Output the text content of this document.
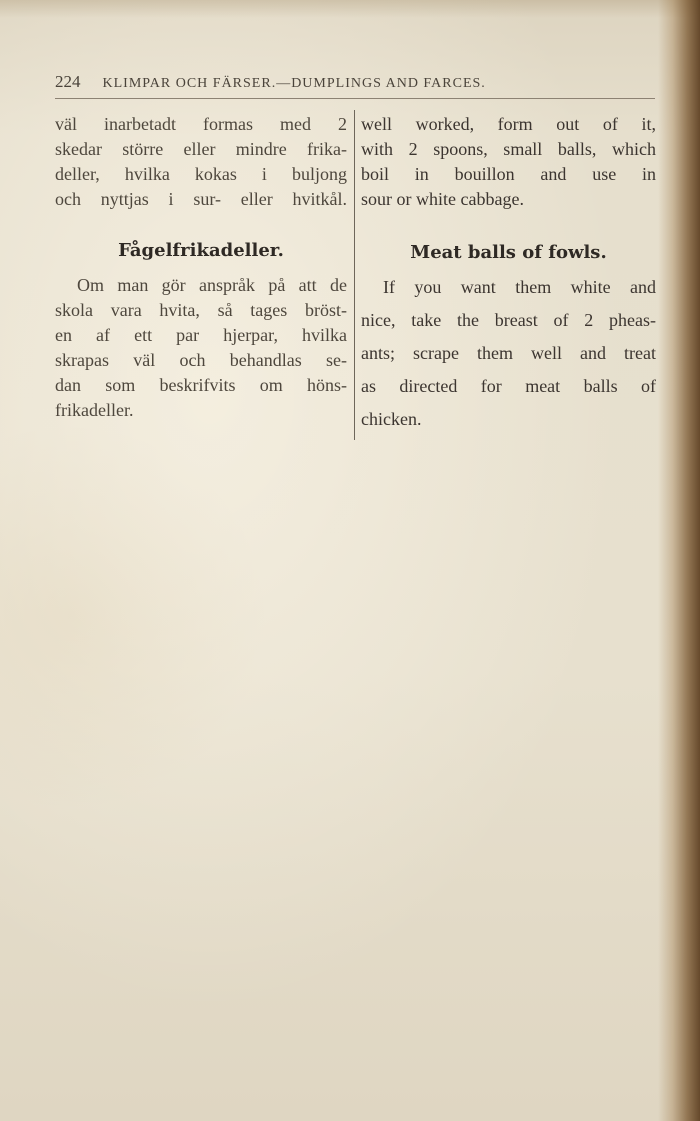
224 KLIMPAR OCH FÄRSER.—DUMPLINGS AND FARCES.
väl inarbetadt formas med 2
skedar större eller mindre frika-
deller, hvilka kokas i buljong
och nyttjas i sur- eller hvitkål.
Fågelfrikadeller.
Om man gör anspråk på att de
skola vara hvita, så tages bröst-
en af ett par hjerpar, hvilka
skrapas väl och behandlas se-
dan som beskrifvits om höns-
frikadeller.
well worked, form out of it,
with 2 spoons, small balls, which
boil in bouillon and use in
sour or white cabbage.
Meat balls of fowls.
If you want them white and
nice, take the breast of 2 pheas-
ants; scrape them well and treat
as directed for meat balls of
chicken.
